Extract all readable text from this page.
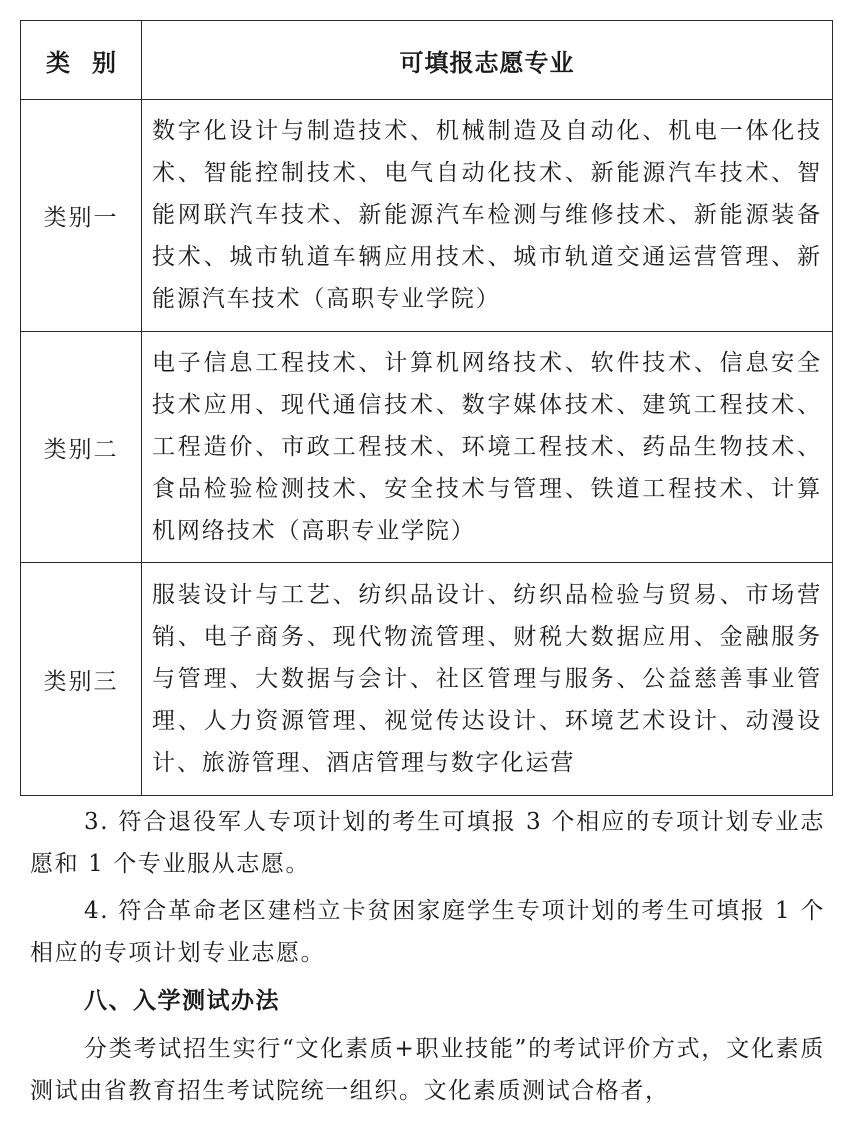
类别	可填报志愿专业
类别一	数字化设计与制造技术、机械制造及自动化、机电一体化技术、智能控制技术、电气自动化技术、新能源汽车技术、智能网联汽车技术、新能源汽车检测与维修技术、新能源装备技术、城市轨道车辆应用技术、城市轨道交通运营管理、新能源汽车技术（高职专业学院）
类别二	电子信息工程技术、计算机网络技术、软件技术、信息安全技术应用、现代通信技术、数字媒体技术、建筑工程技术、工程造价、市政工程技术、环境工程技术、药品生物技术、食品检验检测技术、安全技术与管理、铁道工程技术、计算机网络技术（高职专业学院）
类别三	服装设计与工艺、纺织品设计、纺织品检验与贸易、市场营销、电子商务、现代物流管理、财税大数据应用、金融服务与管理、大数据与会计、社区管理与服务、公益慈善事业管理、人力资源管理、视觉传达设计、环境艺术设计、动漫设计、旅游管理、酒店管理与数字化运营

3. 符合退役军人专项计划的考生可填报 3 个相应的专项计划专业志愿和 1 个专业服从志愿。

4. 符合革命老区建档立卡贫困家庭学生专项计划的考生可填报 1 个相应的专项计划专业志愿。

八、入学测试办法

分类考试招生实行“文化素质+职业技能”的考试评价方式，文化素质测试由省教育招生考试院统一组织。文化素质测试合格者，
